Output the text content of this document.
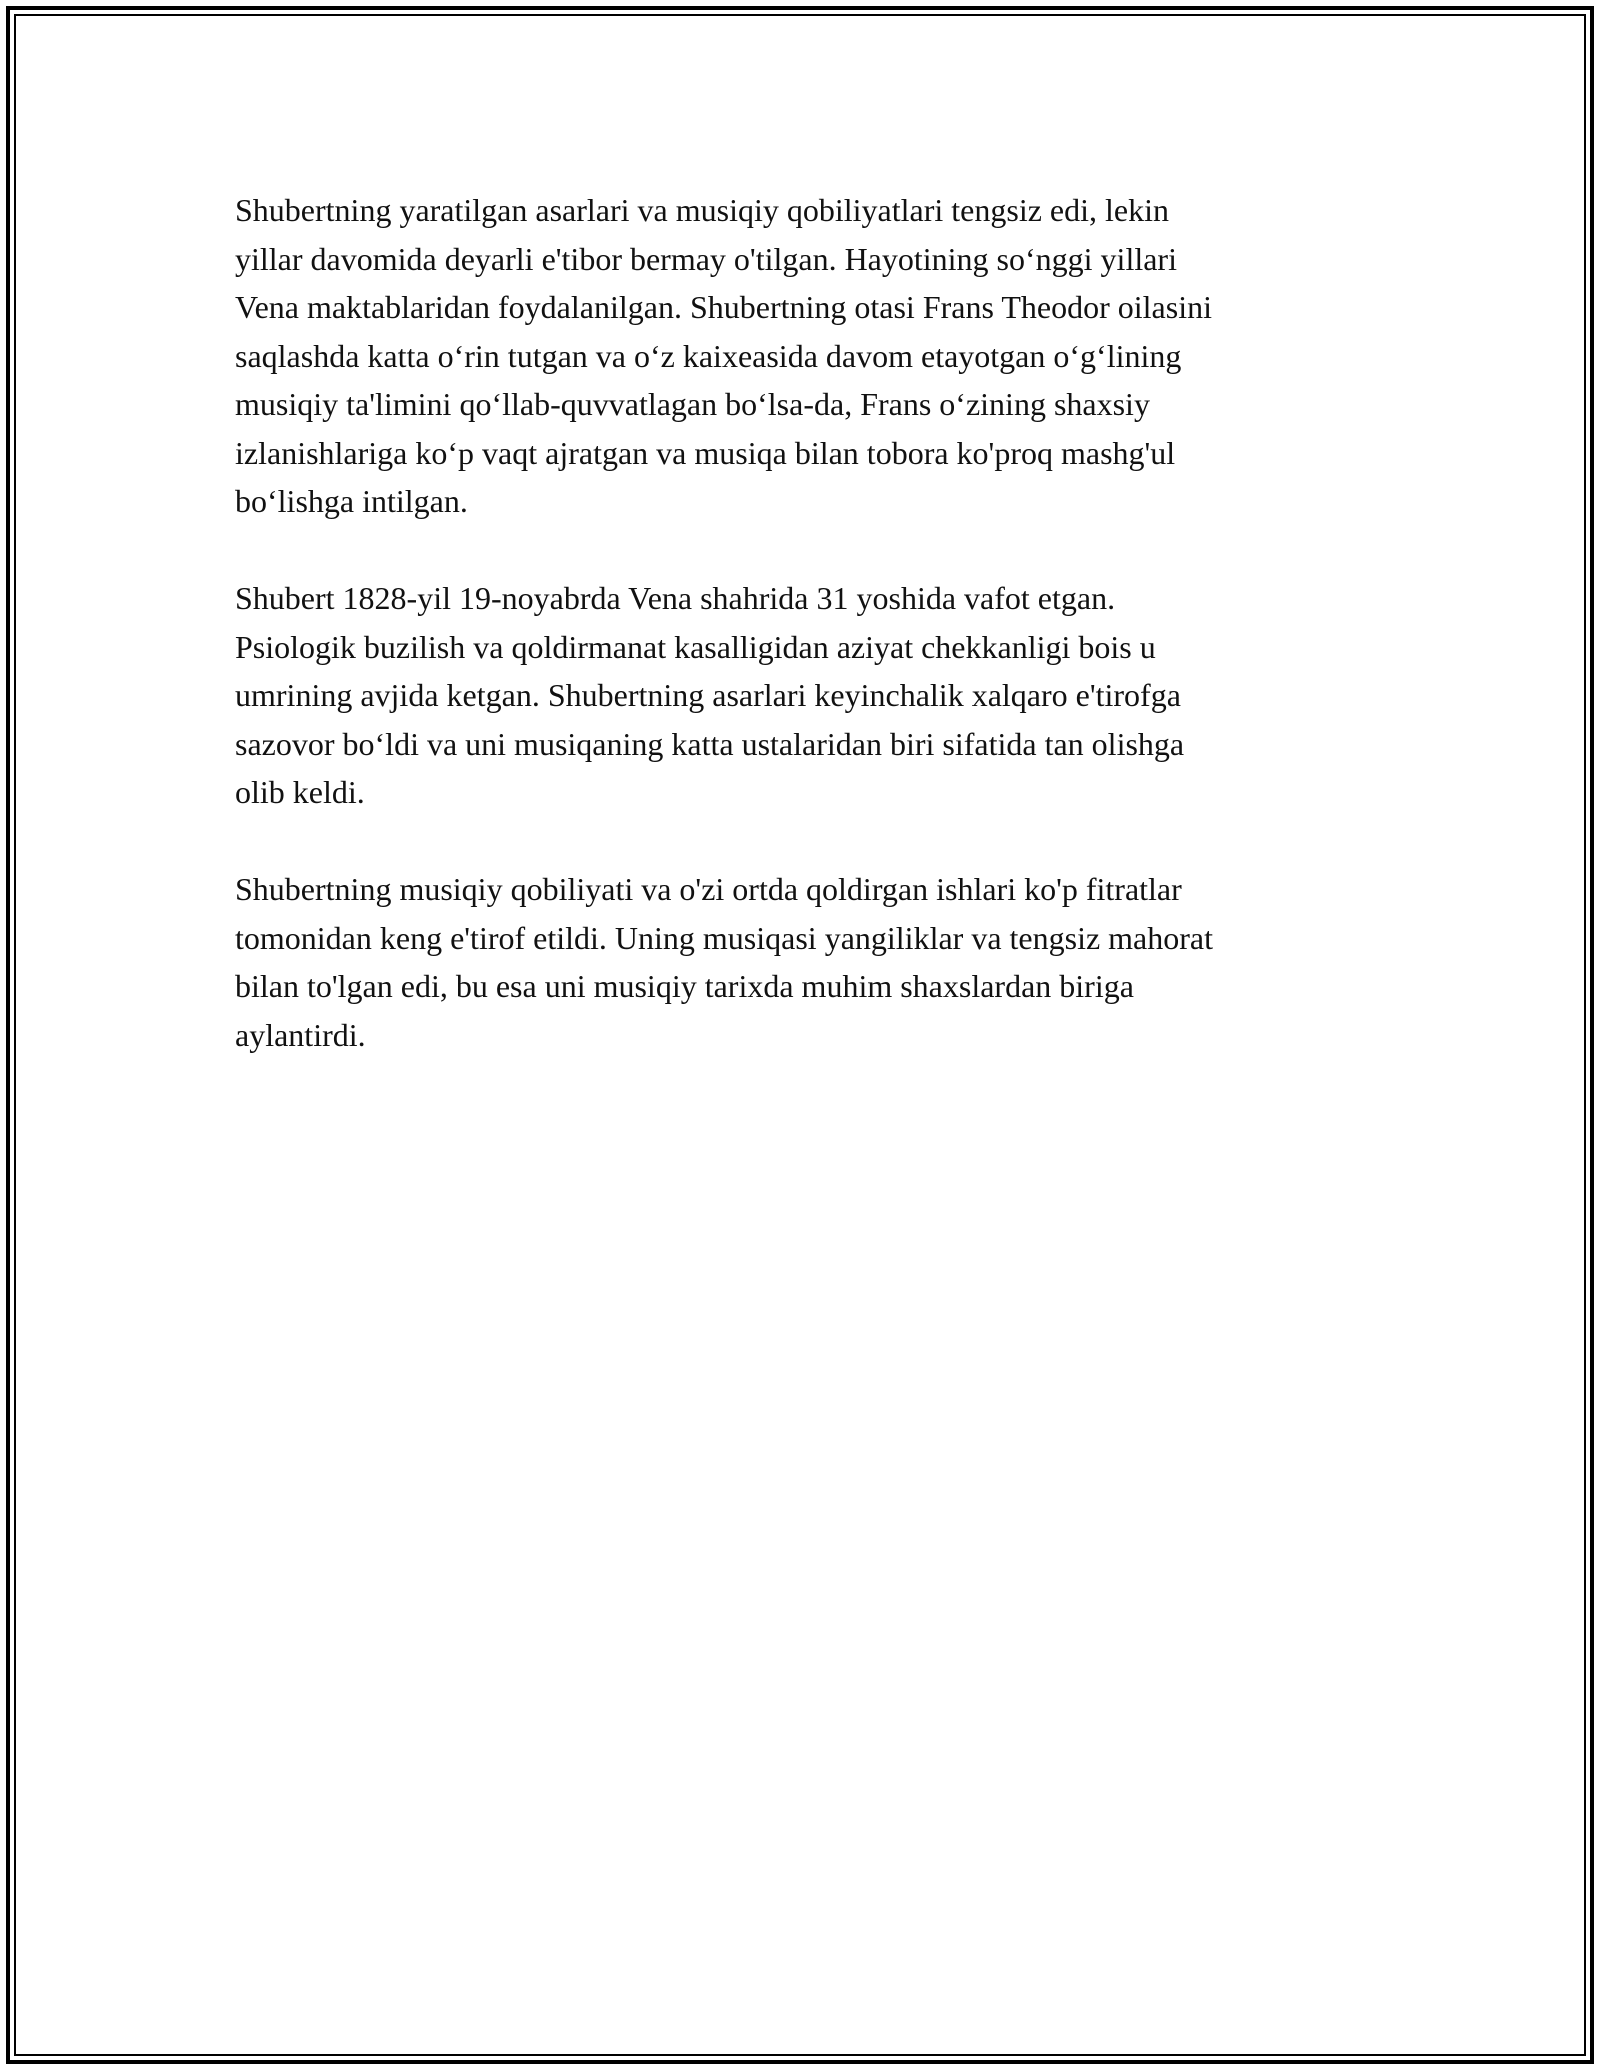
Shubertning yaratilgan asarlari va musiqiy qobiliyatlari tengsiz edi, lekin
yillar davomida deyarli e'tibor bermay o'tilgan. Hayotining so‘nggi yillari
Vena maktablaridan foydalanilgan. Shubertning otasi Frans Theodor oilasini
saqlashda katta o‘rin tutgan va o‘z kaixeasida davom etayotgan o‘g‘lining
musiqiy ta'limini qo‘llab-quvvatlagan bo‘lsa-da, Frans o‘zining shaxsiy
izlanishlariga ko‘p vaqt ajratgan va musiqa bilan tobora ko'proq mashg'ul
bo‘lishga intilgan.

Shubert 1828-yil 19-noyabrda Vena shahrida 31 yoshida vafot etgan.
Psiologik buzilish va qoldirmanat kasalligidan aziyat chekkanligi bois u
umrining avjida ketgan. Shubertning asarlari keyinchalik xalqaro e'tirofga
sazovor bo‘ldi va uni musiqaning katta ustalaridan biri sifatida tan olishga
olib keldi.

Shubertning musiqiy qobiliyati va o'zi ortda qoldirgan ishlari ko'p fitratlar
tomonidan keng e'tirof etildi. Uning musiqasi yangiliklar va tengsiz mahorat
bilan to'lgan edi, bu esa uni musiqiy tarixda muhim shaxslardan biriga
aylantirdi.
